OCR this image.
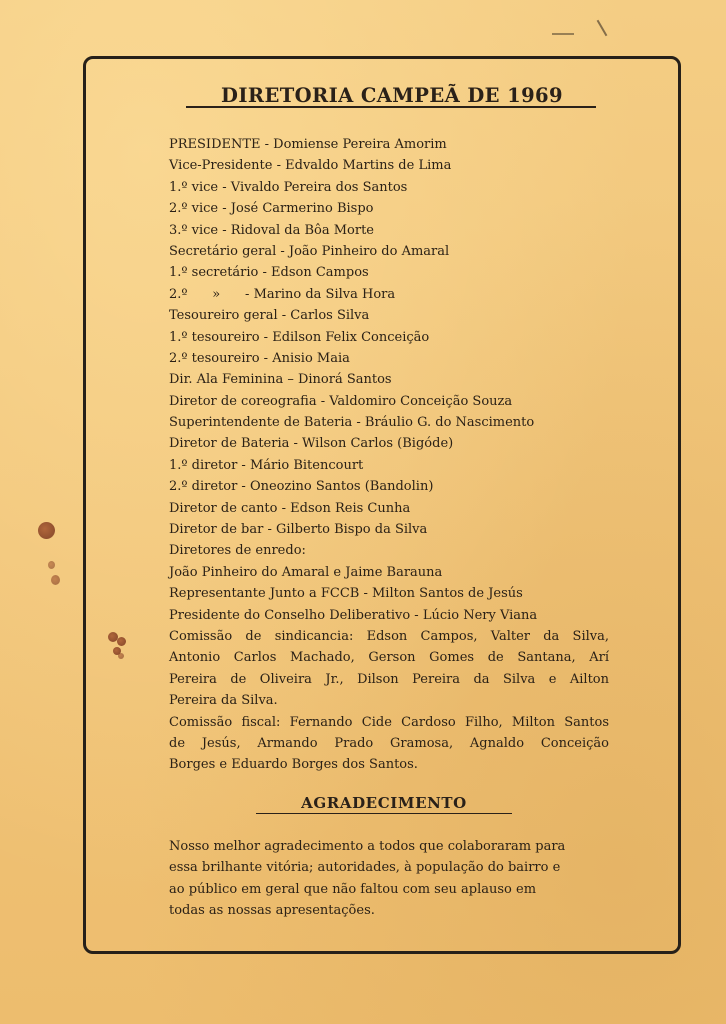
DIRETORIA CAMPEÃ DE 1969
PRESIDENTE - Domiense Pereira Amorim
Vice-Presidente - Edvaldo Martins de Lima
1.º vice - Vivaldo Pereira dos Santos
2.º vice - José Carmerino Bispo
3.º vice - Ridoval da Bôa Morte
Secretário geral - João Pinheiro do Amaral
1.º secretário - Edson Campos
2.º      »      - Marino da Silva Hora
Tesoureiro geral - Carlos Silva
1.º tesoureiro - Edilson Felix Conceição
2.º tesoureiro - Anisio Maia
Dir. Ala Feminina – Dinorá Santos
Diretor de coreografia - Valdomiro Conceição Souza
Superintendente de Bateria - Bráulio G. do Nascimento
Diretor de Bateria - Wilson Carlos (Bigóde)
1.º diretor - Mário Bitencourt
2.º diretor - Oneozino Santos (Bandolin)
Diretor de canto - Edson Reis Cunha
Diretor de bar - Gilberto Bispo da Silva
Diretores de enredo:
João Pinheiro do Amaral e Jaime Barauna
Representante Junto a FCCB - Milton Santos de Jesús
Presidente do Conselho Deliberativo - Lúcio Nery Viana
Comissão de sindicancia: Edson Campos, Valter da Silva,
Antonio Carlos Machado, Gerson Gomes de Santana, Arí
Pereira de Oliveira Jr., Dilson Pereira da Silva e Ailton
Pereira da Silva.
Comissão fiscal: Fernando Cide Cardoso Filho, Milton Santos
de Jesús, Armando Prado Gramosa, Agnaldo Conceição
Borges e Eduardo Borges dos Santos.
AGRADECIMENTO
Nosso melhor agradecimento a todos que colaboraram para
essa brilhante vitória; autoridades, à população do bairro e
ao público em geral que não faltou com seu aplauso em
todas as nossas apresentações.
